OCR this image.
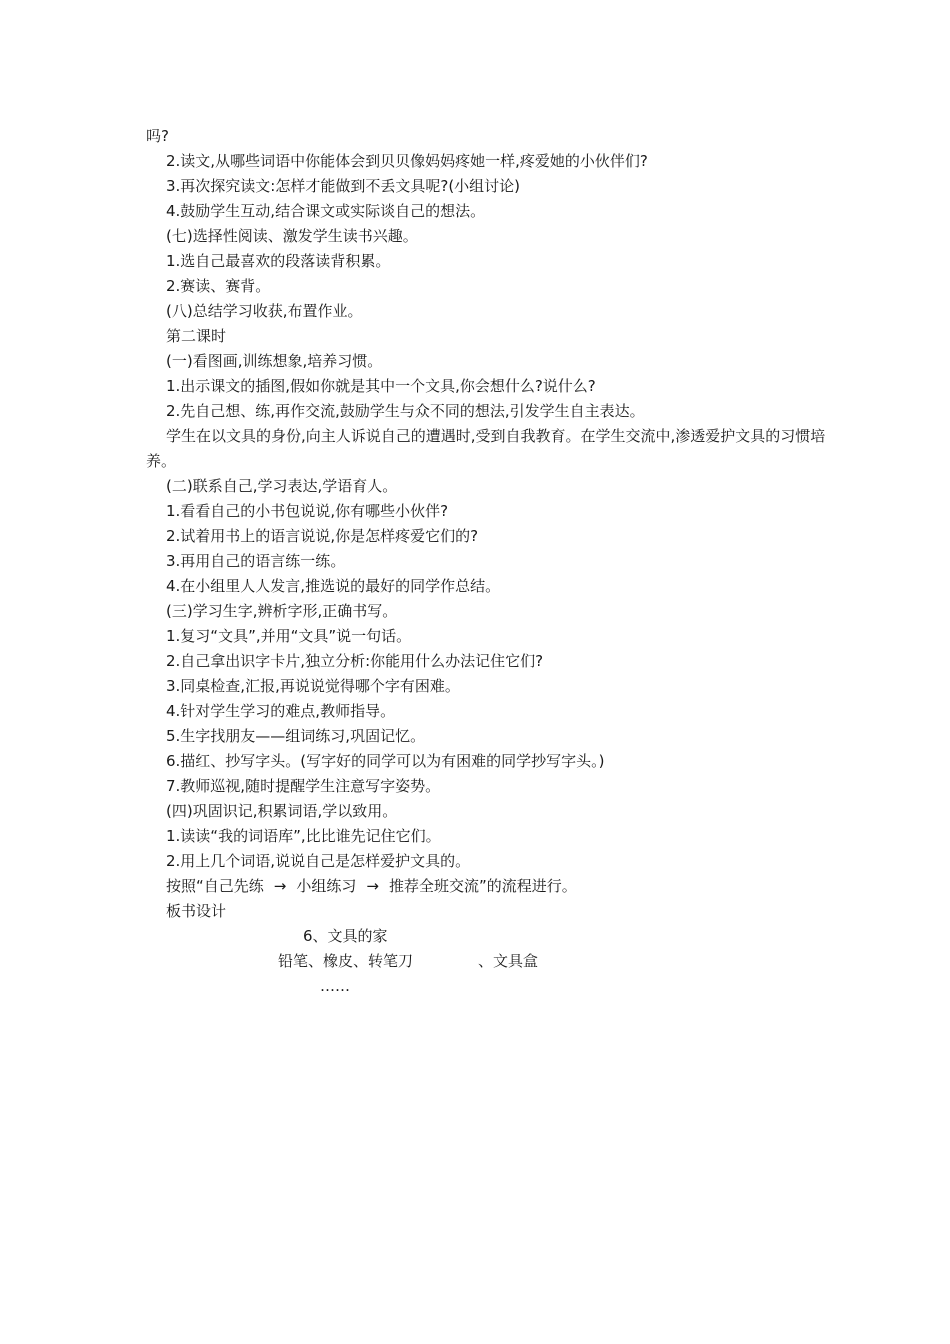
吗?
2.读文,从哪些词语中你能体会到贝贝像妈妈疼她一样,疼爱她的小伙伴们?
3.再次探究读文:怎样才能做到不丢文具呢?(小组讨论)
4.鼓励学生互动,结合课文或实际谈自己的想法。
(七)选择性阅读、激发学生读书兴趣。
1.选自己最喜欢的段落读背积累。
2.赛读、赛背。
(八)总结学习收获,布置作业。
第二课时
(一)看图画,训练想象,培养习惯。
1.出示课文的插图,假如你就是其中一个文具,你会想什么?说什么?
2.先自己想、练,再作交流,鼓励学生与众不同的想法,引发学生自主表达。
学生在以文具的身份,向主人诉说自己的遭遇时,受到自我教育。在学生交流中,渗透爱护文具的习惯培养。
(二)联系自己,学习表达,学语育人。
1.看看自己的小书包说说,你有哪些小伙伴?
2.试着用书上的语言说说,你是怎样疼爱它们的?
3.再用自己的语言练一练。
4.在小组里人人发言,推选说的最好的同学作总结。
(三)学习生字,辨析字形,正确书写。
1.复习“文具”,并用“文具”说一句话。
2.自己拿出识字卡片,独立分析:你能用什么办法记住它们?
3.同桌检查,汇报,再说说觉得哪个字有困难。
4.针对学生学习的难点,教师指导。
5.生字找朋友——组词练习,巩固记忆。
6.描红、抄写字头。(写字好的同学可以为有困难的同学抄写字头。)
7.教师巡视,随时提醒学生注意写字姿势。
(四)巩固识记,积累词语,学以致用。
1.读读“我的词语库”,比比谁先记住它们。
2.用上几个词语,说说自己是怎样爱护文具的。
按照“自己先练 → 小组练习 → 推荐全班交流”的流程进行。
板书设计
6、文具的家
铅笔、橡皮、转笔刀	、文具盒
……
